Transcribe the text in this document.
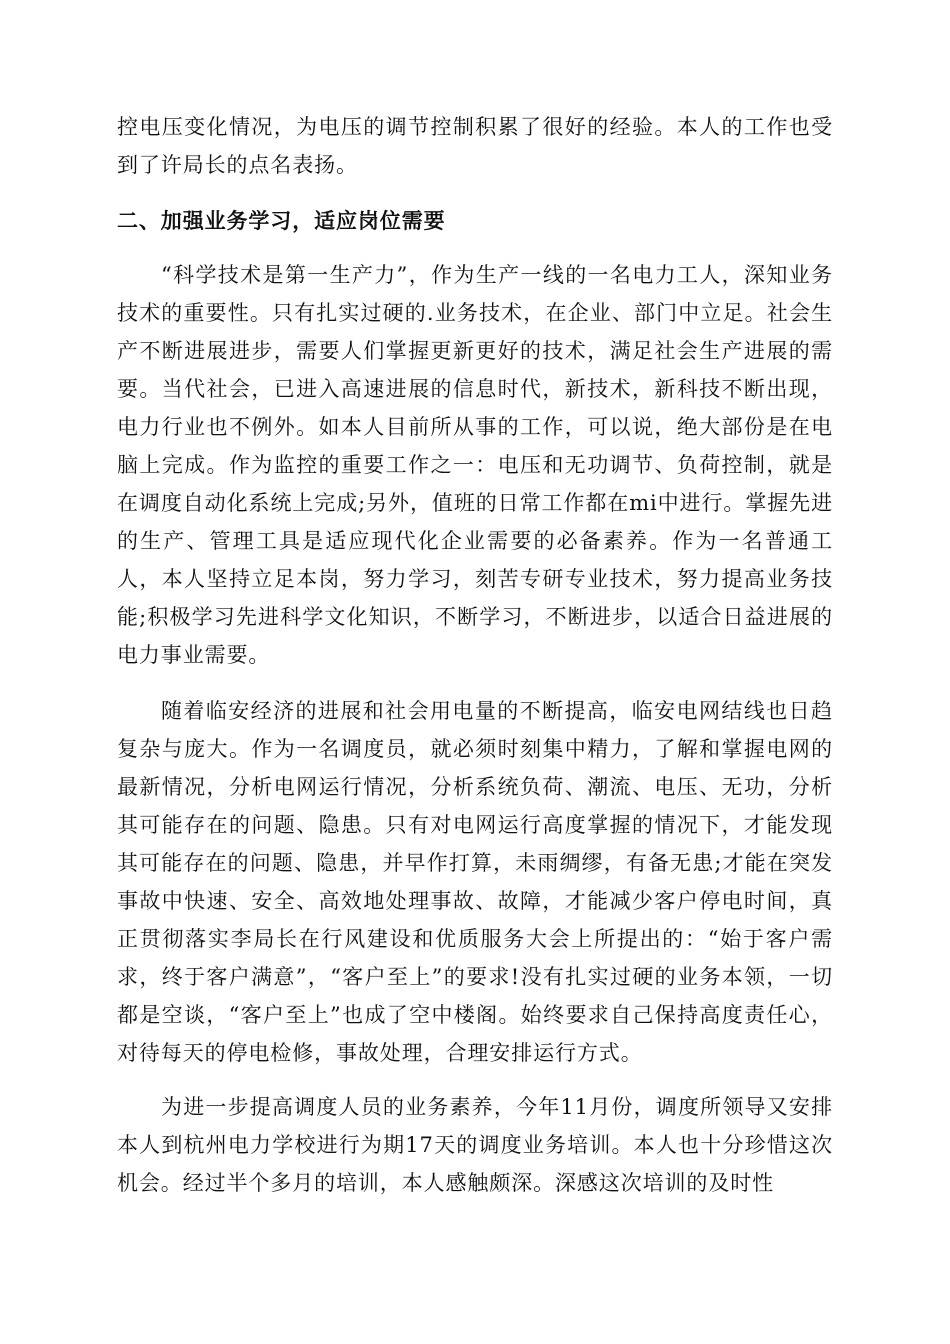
控电压变化情况，为电压的调节控制积累了很好的经验。本人的工作也受到了许局长的点名表扬。

二、加强业务学习，适应岗位需要

“科学技术是第一生产力”，作为生产一线的一名电力工人，深知业务技术的重要性。只有扎实过硬的.业务技术，在企业、部门中立足。社会生产不断进展进步，需要人们掌握更新更好的技术，满足社会生产进展的需要。当代社会，已进入高速进展的信息时代，新技术，新科技不断出现，电力行业也不例外。如本人目前所从事的工作，可以说，绝大部份是在电脑上完成。作为监控的重要工作之一：电压和无功调节、负荷控制，就是在调度自动化系统上完成;另外，值班的日常工作都在mi中进行。掌握先进的生产、管理工具是适应现代化企业需要的必备素养。作为一名普通工人，本人坚持立足本岗，努力学习，刻苦专研专业技术，努力提高业务技能;积极学习先进科学文化知识，不断学习，不断进步，以适合日益进展的电力事业需要。

随着临安经济的进展和社会用电量的不断提高，临安电网结线也日趋复杂与庞大。作为一名调度员，就必须时刻集中精力，了解和掌握电网的最新情况，分析电网运行情况，分析系统负荷、潮流、电压、无功，分析其可能存在的问题、隐患。只有对电网运行高度掌握的情况下，才能发现其可能存在的问题、隐患，并早作打算，未雨绸缪，有备无患;才能在突发事故中快速、安全、高效地处理事故、故障，才能减少客户停电时间，真正贯彻落实李局长在行风建设和优质服务大会上所提出的：“始于客户需求，终于客户满意”，“客户至上”的要求!没有扎实过硬的业务本领，一切都是空谈，“客户至上”也成了空中楼阁。始终要求自己保持高度责任心，对待每天的停电检修，事故处理，合理安排运行方式。

为进一步提高调度人员的业务素养，今年11月份，调度所领导又安排本人到杭州电力学校进行为期17天的调度业务培训。本人也十分珍惜这次机会。经过半个多月的培训，本人感触颇深。深感这次培训的及时性
